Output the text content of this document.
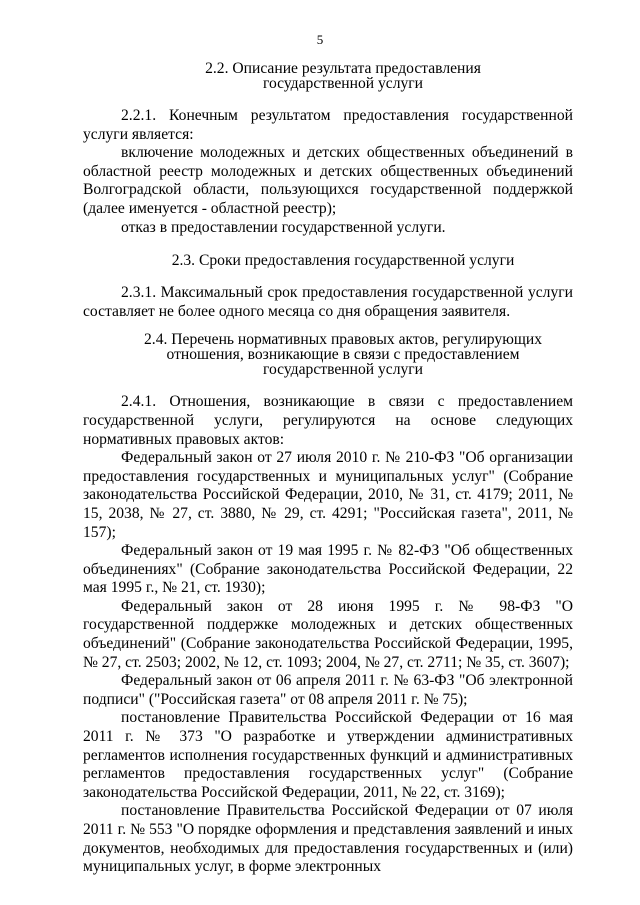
5
2.2. Описание результата предоставления
государственной услуги

2.2.1. Конечным результатом предоставления государственной услуги является:

включение молодежных и детских общественных объединений в областной реестр молодежных и детских общественных объединений Волгоградской области, пользующихся государственной поддержкой (далее именуется - областной реестр);

отказ в предоставлении государственной услуги.

2.3. Сроки предоставления государственной услуги

2.3.1. Максимальный срок предоставления государственной услуги составляет не более одного месяца со дня обращения заявителя.

2.4. Перечень нормативных правовых актов, регулирующих
отношения, возникающие в связи с предоставлением
государственной услуги

2.4.1. Отношения, возникающие в связи с предоставлением государственной услуги, регулируются на основе следующих нормативных правовых актов:

Федеральный закон от 27 июля 2010 г. № 210-ФЗ "Об организации предоставления государственных и муниципальных услуг" (Собрание законодательства Российской Федерации, 2010, № 31, ст. 4179; 2011, № 15, 2038, № 27, ст. 3880, № 29, ст. 4291; "Российская газета", 2011, № 157);

Федеральный закон от 19 мая 1995 г. № 82-ФЗ "Об общественных объединениях" (Собрание законодательства Российской Федерации, 22 мая 1995 г., № 21, ст. 1930);

Федеральный закон от 28 июня 1995 г. № 98-ФЗ "О государственной поддержке молодежных и детских общественных объединений" (Собрание законодательства Российской Федерации, 1995, № 27, ст. 2503; 2002, № 12, ст. 1093; 2004, № 27, ст. 2711; № 35, ст. 3607);

Федеральный закон от 06 апреля 2011 г. № 63-ФЗ "Об электронной подписи" ("Российская газета" от 08 апреля 2011 г. № 75);

постановление Правительства Российской Федерации от 16 мая 2011 г. № 373 "О разработке и утверждении административных регламентов исполнения государственных функций и административных регламентов предоставления государственных услуг" (Собрание законодательства Российской Федерации, 2011, № 22, ст. 3169);

постановление Правительства Российской Федерации от 07 июля 2011 г. № 553 "О порядке оформления и представления заявлений и иных документов, необходимых для предоставления государственных и (или) муниципальных услуг, в форме электронных
